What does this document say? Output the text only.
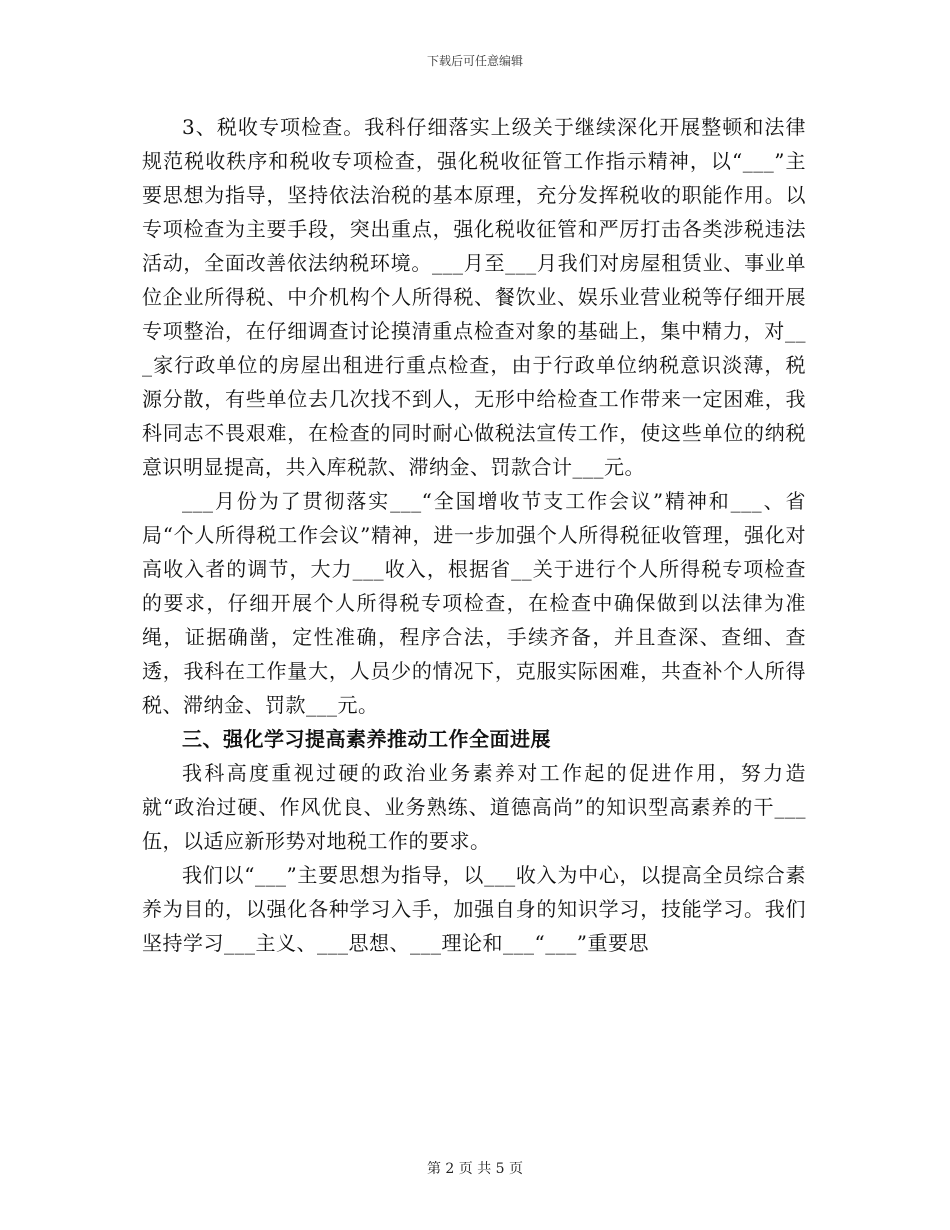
下载后可任意编辑

3、税收专项检查。我科仔细落实上级关于继续深化开展整顿和法律规范税收秩序和税收专项检查，强化税收征管工作指示精神，以“___”主要思想为指导，坚持依法治税的基本原理，充分发挥税收的职能作用。以专项检查为主要手段，突出重点，强化税收征管和严厉打击各类涉税违法活动，全面改善依法纳税环境。___月至___月我们对房屋租赁业、事业单位企业所得税、中介机构个人所得税、餐饮业、娱乐业营业税等仔细开展专项整治，在仔细调查讨论摸清重点检查对象的基础上，集中精力，对___家行政单位的房屋出租进行重点检查，由于行政单位纳税意识淡薄，税源分散，有些单位去几次找不到人，无形中给检查工作带来一定困难，我科同志不畏艰难，在检查的同时耐心做税法宣传工作，使这些单位的纳税意识明显提高，共入库税款、滞纳金、罚款合计___元。

___月份为了贯彻落实___“全国增收节支工作会议”精神和___、省局“个人所得税工作会议”精神，进一步加强个人所得税征收管理，强化对高收入者的调节，大力___收入，根据省__关于进行个人所得税专项检查的要求，仔细开展个人所得税专项检查，在检查中确保做到以法律为准绳，证据确凿，定性准确，程序合法，手续齐备，并且查深、查细、查透，我科在工作量大，人员少的情况下，克服实际困难，共查补个人所得税、滞纳金、罚款___元。

三、强化学习提高素养推动工作全面进展

我科高度重视过硬的政治业务素养对工作起的促进作用，努力造就“政治过硬、作风优良、业务熟练、道德高尚”的知识型高素养的干___伍，以适应新形势对地税工作的要求。

我们以“___”主要思想为指导，以___收入为中心，以提高全员综合素养为目的，以强化各种学习入手，加强自身的知识学习，技能学习。我们坚持学习___主义、___思想、___理论和___“___”重要思

第 2 页 共 5 页
